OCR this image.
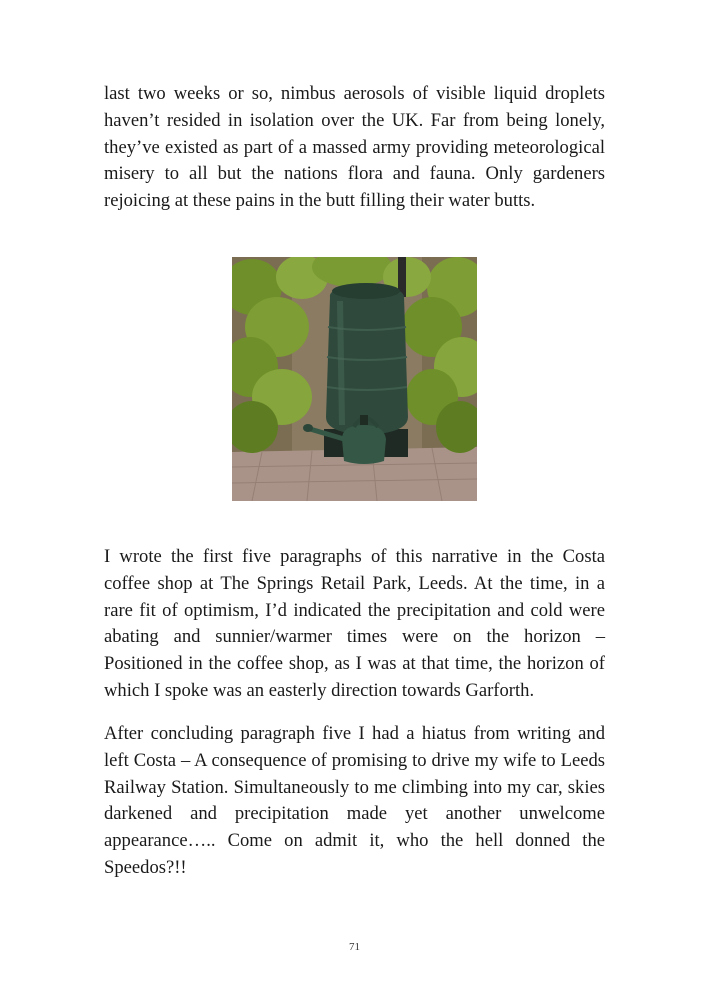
last two weeks or so, nimbus aerosols of visible liquid droplets haven’t resided in isolation over the UK. Far from being lonely, they’ve existed as part of a massed army providing meteorological misery to all but the nations flora and fauna. Only gardeners rejoicing at these pains in the butt filling their water butts.

I wrote the first five paragraphs of this narrative in the Costa coffee shop at The Springs Retail Park, Leeds. At the time, in a rare fit of optimism, I’d indicated the precipitation and cold were abating and sunnier/warmer times were on the horizon – Positioned in the coffee shop, as I was at that time, the horizon of which I spoke was an easterly direction towards Garforth.

After concluding paragraph five I had a hiatus from writing and left Costa – A consequence of promising to drive my wife to Leeds Railway Station. Simultaneously to me climbing into my car, skies darkened and precipitation made yet another unwelcome appearance….. Come on admit it, who the hell donned the Speedos?!!

71
